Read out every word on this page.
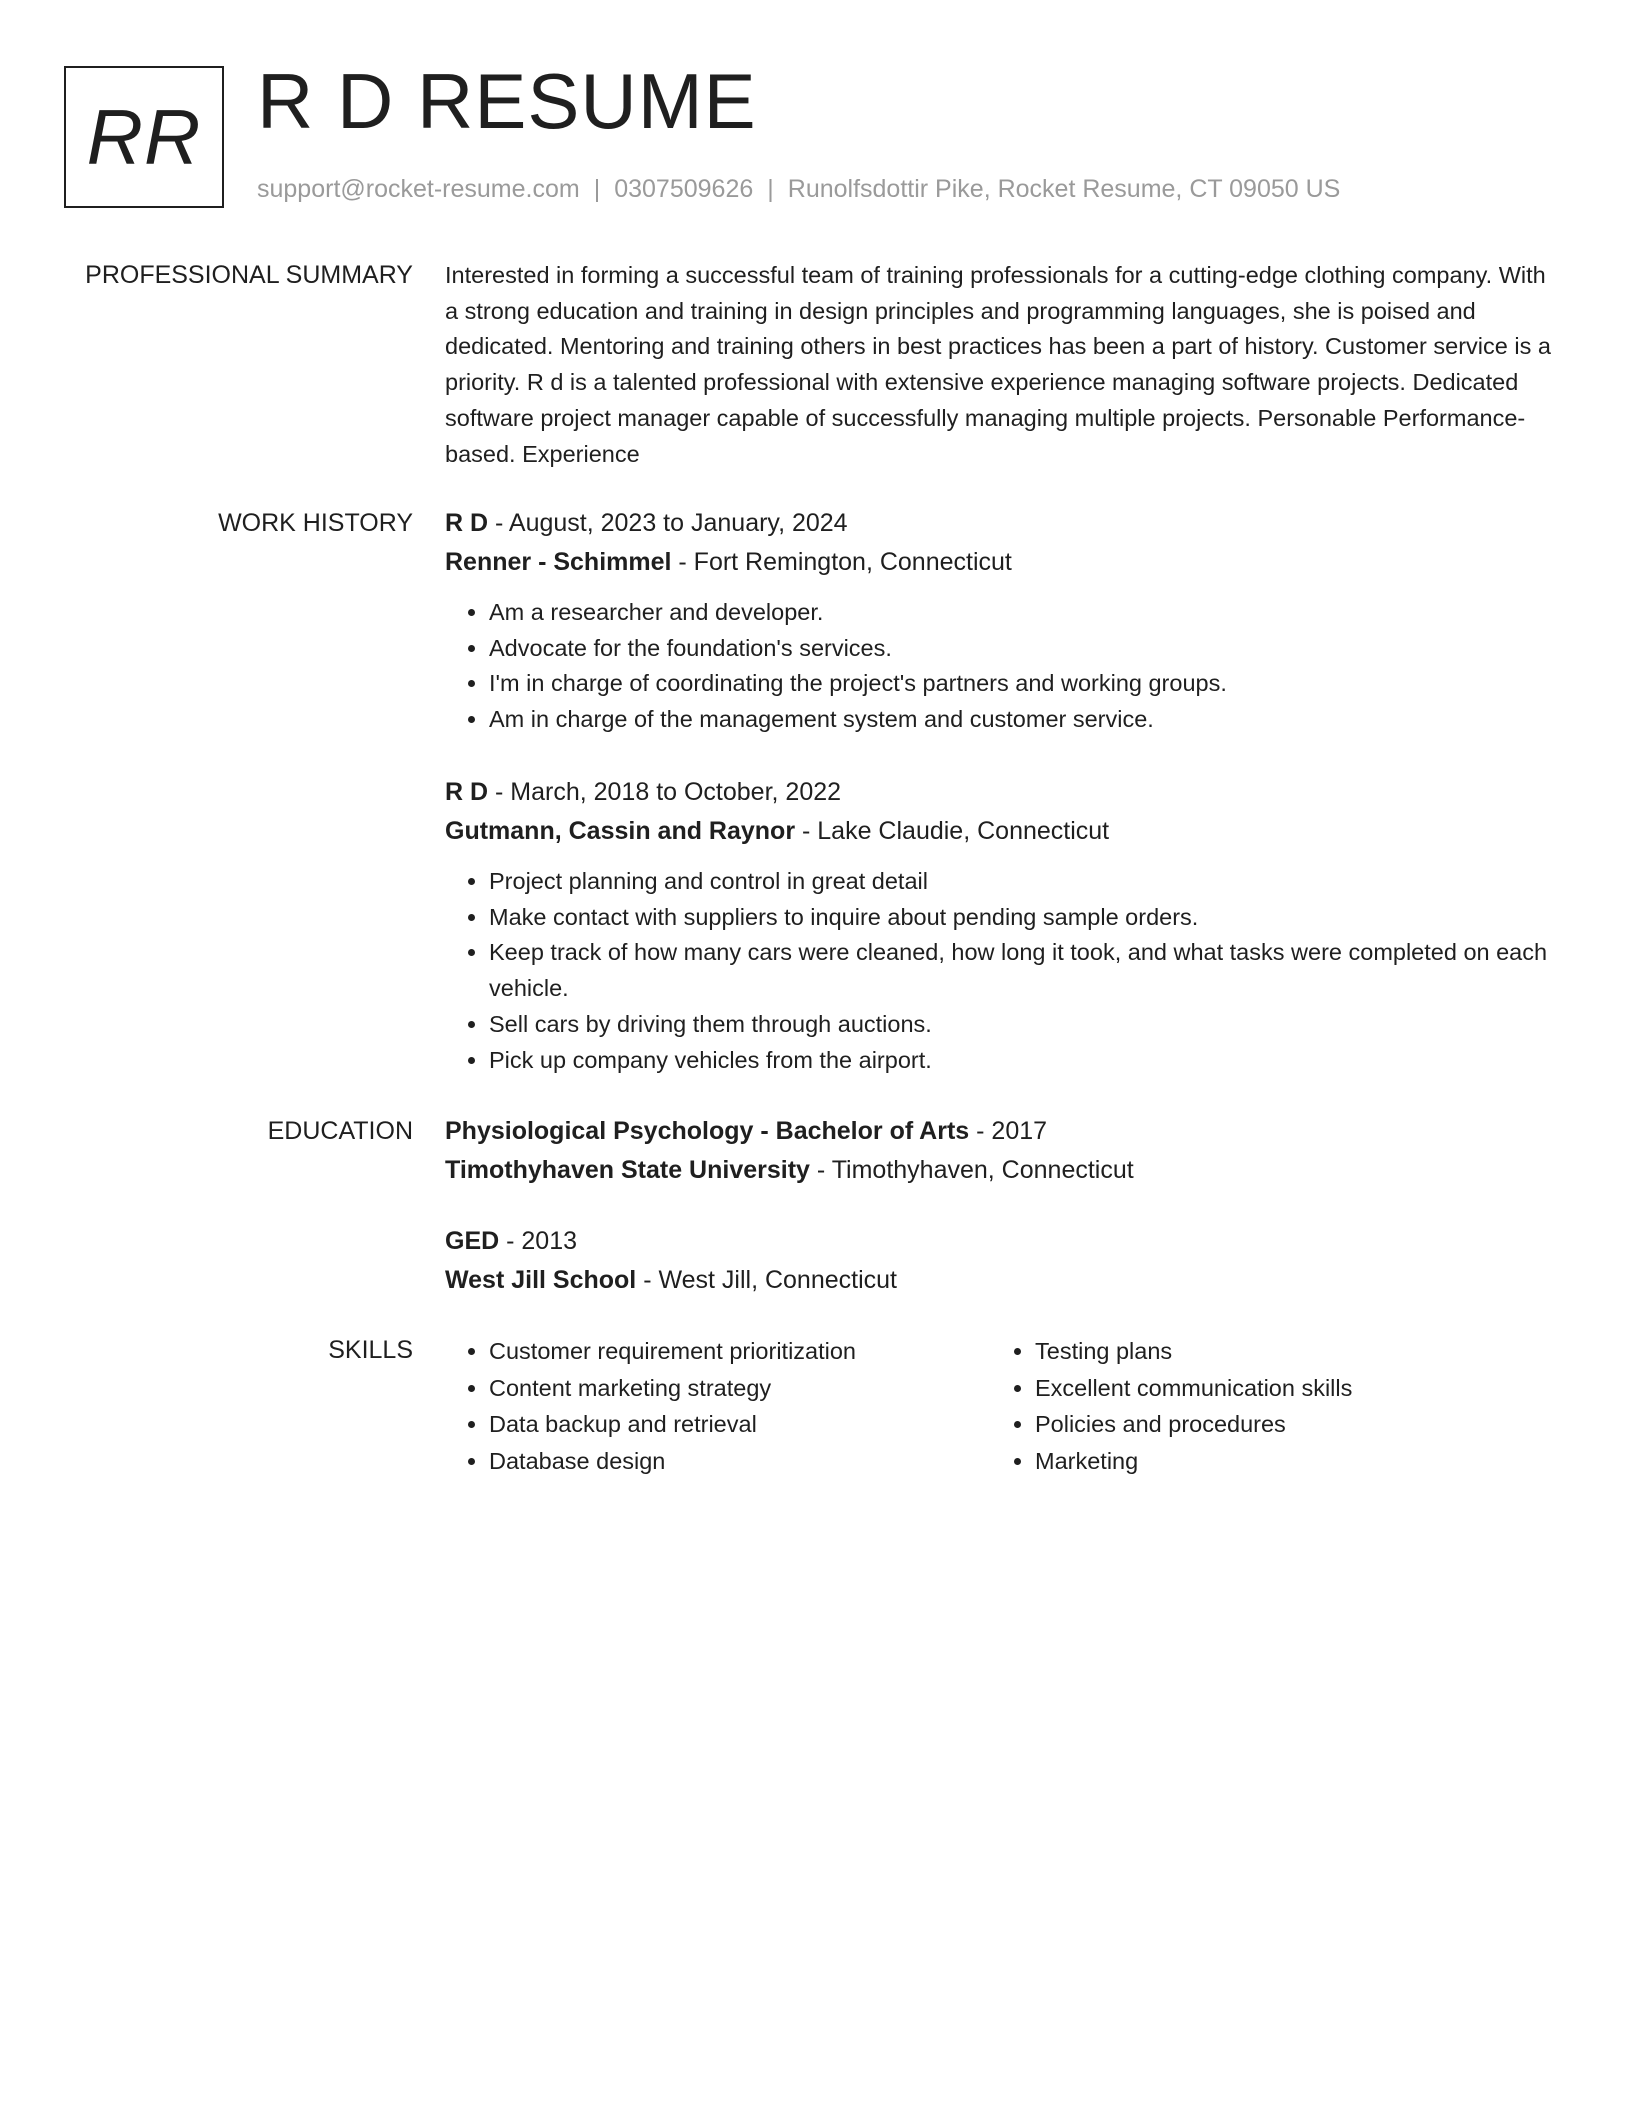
RR R D RESUME
support@rocket-resume.com | 0307509626 | Runolfsdottir Pike, Rocket Resume, CT 09050 US
PROFESSIONAL SUMMARY Interested in forming a successful team of training professionals for a cutting-edge clothing company. With a strong education and training in design principles and programming languages, she is poised and dedicated. Mentoring and training others in best practices has been a part of history. Customer service is a priority. R d is a talented professional with extensive experience managing software projects. Dedicated software project manager capable of successfully managing multiple projects. Personable Performance-based. Experience

WORK HISTORY R D - August, 2023 to January, 2024

Renner - Schimmel - Fort Remington, Connecticut

• Am a researcher and developer.
• Advocate for the foundation's services.
• I'm in charge of coordinating the project's partners and working groups.
• Am in charge of the management system and customer service.

R D - March, 2018 to October, 2022

Gutmann, Cassin and Raynor - Lake Claudie, Connecticut

• Project planning and control in great detail
• Make contact with suppliers to inquire about pending sample orders.
• Keep track of how many cars were cleaned, how long it took, and what tasks were completed on each vehicle.
• Sell cars by driving them through auctions.
• Pick up company vehicles from the airport.
EDUCATION Physiological Psychology - Bachelor of Arts - 2017

Timothyhaven State University - Timothyhaven, Connecticut

GED - 2013

West Jill School - West Jill, Connecticut

SKILLS
•	Customer requirement prioritization
• Content marketing strategy
• Data backup and retrieval
• Database design
• Testing plans
• Excellent communication skills
• Policies and procedures
• Marketing
